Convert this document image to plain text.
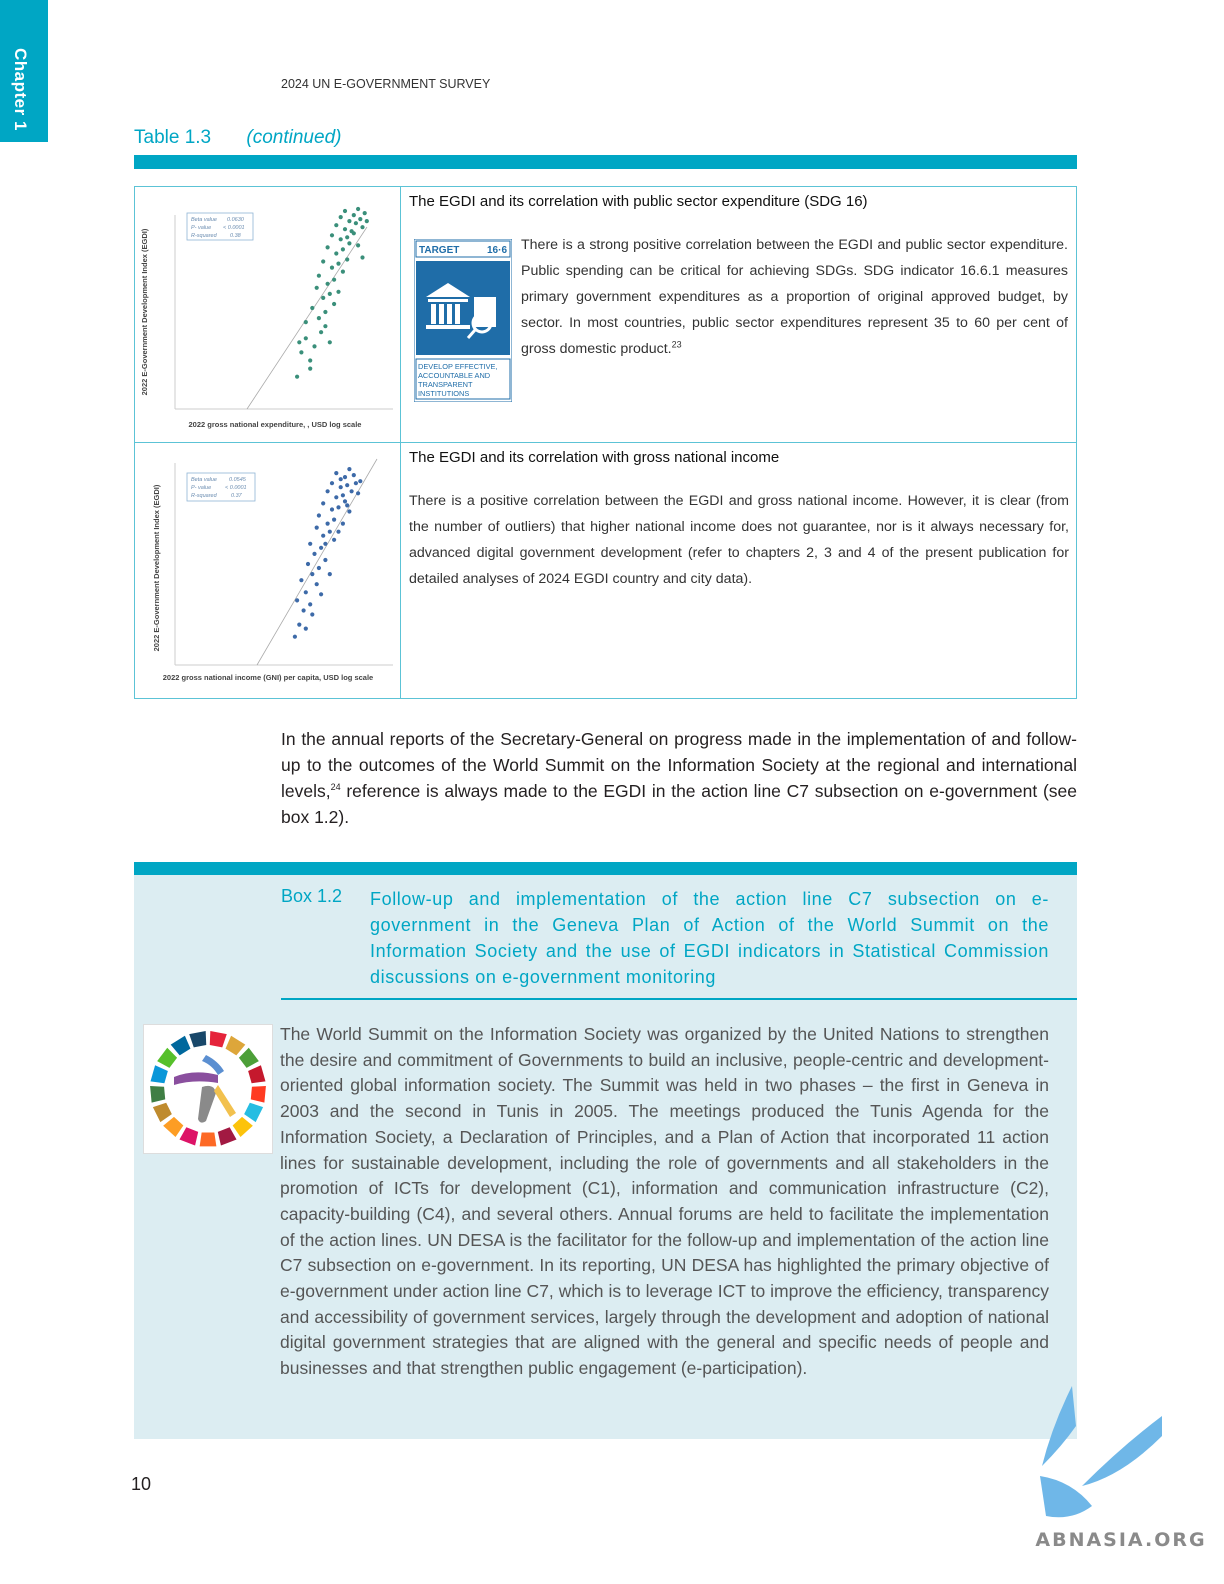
Chapter 1	2024 UN E-GOVERNMENT SURVEY
Table 1.3 (continued)
2022 E-Government Development Index (EGDI)
2022 gross national expenditure, , USD log scale
Beta value 0.0630
P- value < 0.0001
R-squared 0.38
The EGDI and its correlation with public sector expenditure (SDG 16)
TARGET	16·6
DEVELOP EFFECTIVE,
ACCOUNTABLE AND
TRANSPARENT
INSTITUTIONS
There is a strong positive correlation between the EGDI and public sector expenditure. Public spending can be critical for achieving SDGs. SDG indicator 16.6.1 measures primary government expenditures as a proportion of original approved budget, by sector. In most countries, public sector expenditures represent 35 to 60 per cent of gross domestic product.$^{23}$
2022 E-Government Development Index (EGDI)
2022 gross national income (GNI) per capita, USD log scale
Beta value 0.0545
P- value	< 0.0001
R-squared	0.37
The EGDI and its correlation with gross national income
There is a positive correlation between the EGDI and gross national income. However, it is clear (from the number of outliers) that higher national income does not guarantee, nor is it always necessary for, advanced digital government development (refer to chapters 2, 3 and 4 of the present publication for detailed analyses of 2024 EGDI country and city data).
In the annual reports of the Secretary-General on progress made in the implementation of and follow-up to the outcomes of the World Summit on the Information Society at the regional and international levels,$^{24}$ reference is always made to the EGDI in the action line C7 subsection on e-government (see box 1.2).
Box 1.2 Follow-up and implementation of the action line C7 subsection on e-government in the Geneva Plan of Action of the World Summit on the Information Society and the use of EGDI indicators in Statistical Commission discussions on e-government monitoring
The World Summit on the Information Society was organized by the United Nations to strengthen the desire and commitment of Governments to build an inclusive, people-centric and development-oriented global information society. The Summit was held in two phases – the first in Geneva in 2003 and the second in Tunis in 2005. The meetings produced the Tunis Agenda for the Information Society, a Declaration of Principles, and a Plan of Action that incorporated 11 action lines for sustainable development, including the role of governments and all stakeholders in the promotion of ICTs for development (C1), information and communication infrastructure (C2), capacity-building (C4), and several others. Annual forums are held to facilitate the implementation of the action lines. UN DESA is the facilitator for the follow-up and implementation of the action line C7 subsection on e-government. In its reporting, UN DESA has highlighted the primary objective of e-government under action line C7, which is to leverage ICT to improve the efficiency, transparency and accessibility of government services, largely through the development and adoption of national digital government strategies that are aligned with the general and specific needs of people and businesses and that strengthen public engagement (e-participation).
10
ABNASIA.ORG
